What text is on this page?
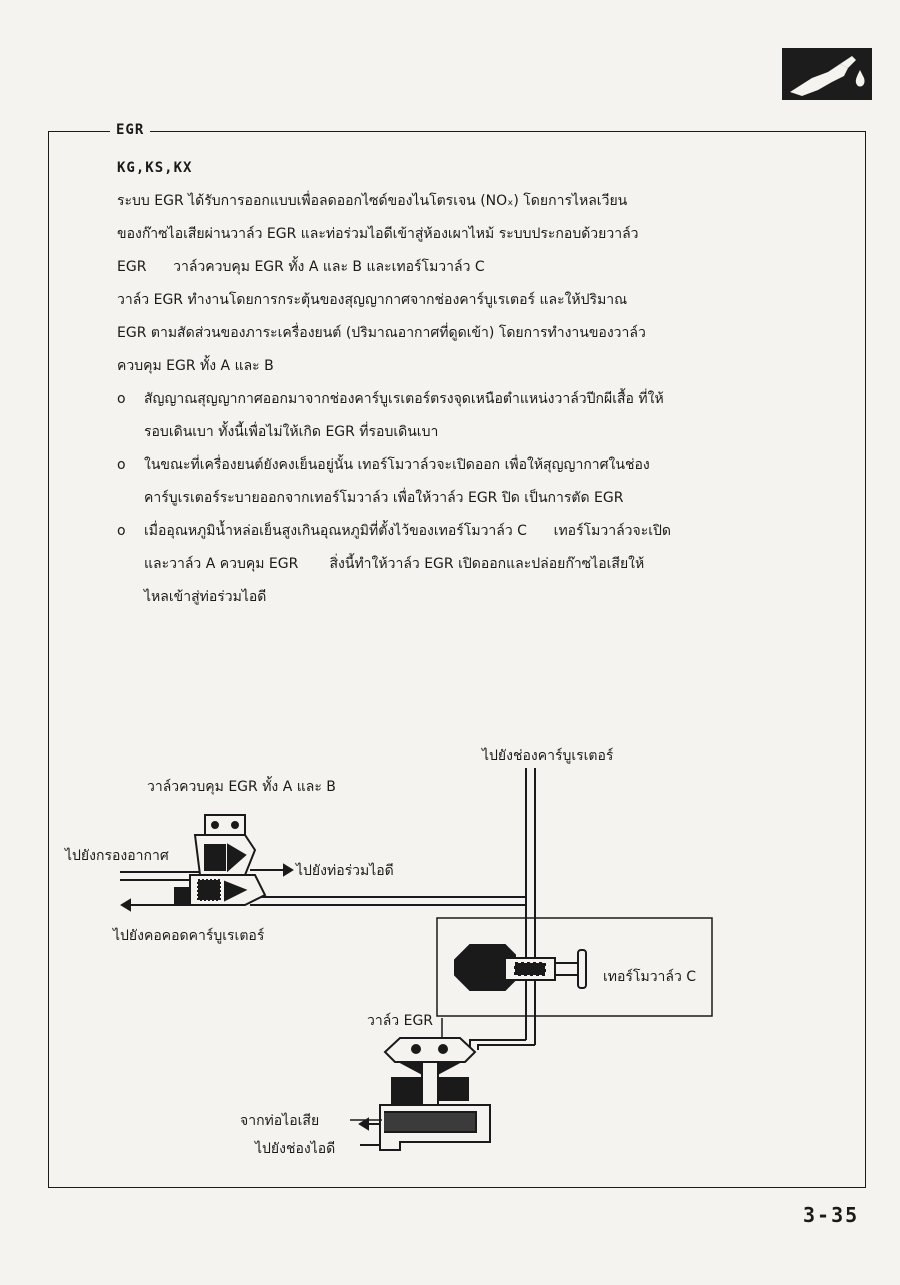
EGR

KG,KS,KX

ระบบ EGR ได้รับการออกแบบเพื่อลดออกไซด์ของไนโตรเจน (NOₓ) โดยการไหลเวียน

ของก๊าซไอเสียผ่านวาล์ว EGR และท่อร่วมไอดีเข้าสู่ห้องเผาไหม้ ระบบประกอบด้วยวาล์ว

EGR      วาล์วควบคุม EGR ทั้ง A และ B และเทอร์โมวาล์ว C

วาล์ว EGR ทำงานโดยการกระตุ้นของสุญญากาศจากช่องคาร์บูเรเตอร์ และให้ปริมาณ

EGR ตามสัดส่วนของภาระเครื่องยนต์ (ปริมาณอากาศที่ดูดเข้า) โดยการทำงานของวาล์ว

ควบคุม EGR ทั้ง A และ B

o สัญญาณสุญญากาศออกมาจากช่องคาร์บูเรเตอร์ตรงจุดเหนือตำแหน่งวาล์วปีกผีเสื้อ ที่ให้

รอบเดินเบา ทั้งนี้เพื่อไม่ให้เกิด EGR ที่รอบเดินเบา

o ในขณะที่เครื่องยนต์ยังคงเย็นอยู่นั้น เทอร์โมวาล์วจะเปิดออก เพื่อให้สุญญากาศในช่อง

คาร์บูเรเตอร์ระบายออกจากเทอร์โมวาล์ว เพื่อให้วาล์ว EGR ปิด เป็นการตัด EGR

o เมื่ออุณหภูมิน้ำหล่อเย็นสูงเกินอุณหภูมิที่ตั้งไว้ของเทอร์โมวาล์ว C      เทอร์โมวาล์วจะเปิด

และวาล์ว A ควบคุม EGR       สิ่งนี้ทำให้วาล์ว EGR เปิดออกและปล่อยก๊าซไอเสียให้

ไหลเข้าสู่ท่อร่วมไอดี

ไปยังช่องคาร์บูเรเตอร์
วาล์วควบคุม EGR ทั้ง A และ B
ไปยังกรองอากาศ
ไปยังท่อร่วมไอดี
ไปยังคอคอดคาร์บูเรเตอร์
เทอร์โมวาล์ว C
วาล์ว EGR
จากท่อไอเสีย
ไปยังช่องไอดี
3-35
